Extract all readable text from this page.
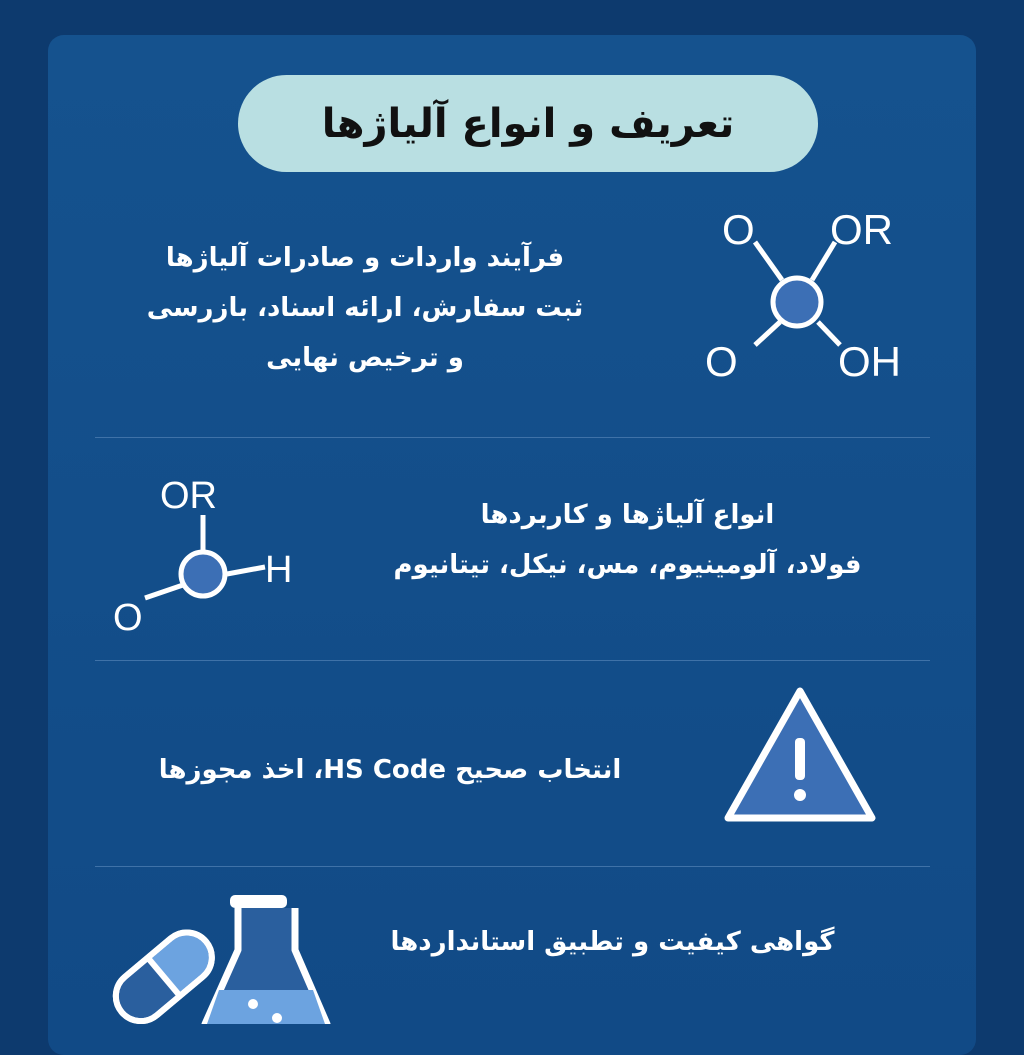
تعریف و انواع آلیاژها
فرآیند واردات و صادرات آلیاژها
ثبت سفارش، ارائه اسناد، بازرسی
و ترخیص نهایی
O OR
O OH
OR
H
O
انواع آلیاژها و کاربردها
فولاد، آلومینیوم، مس، نیکل، تیتانیوم
انتخاب صحیح HS Code، اخذ مجوزها
گواهی کیفیت و تطبیق استانداردها
